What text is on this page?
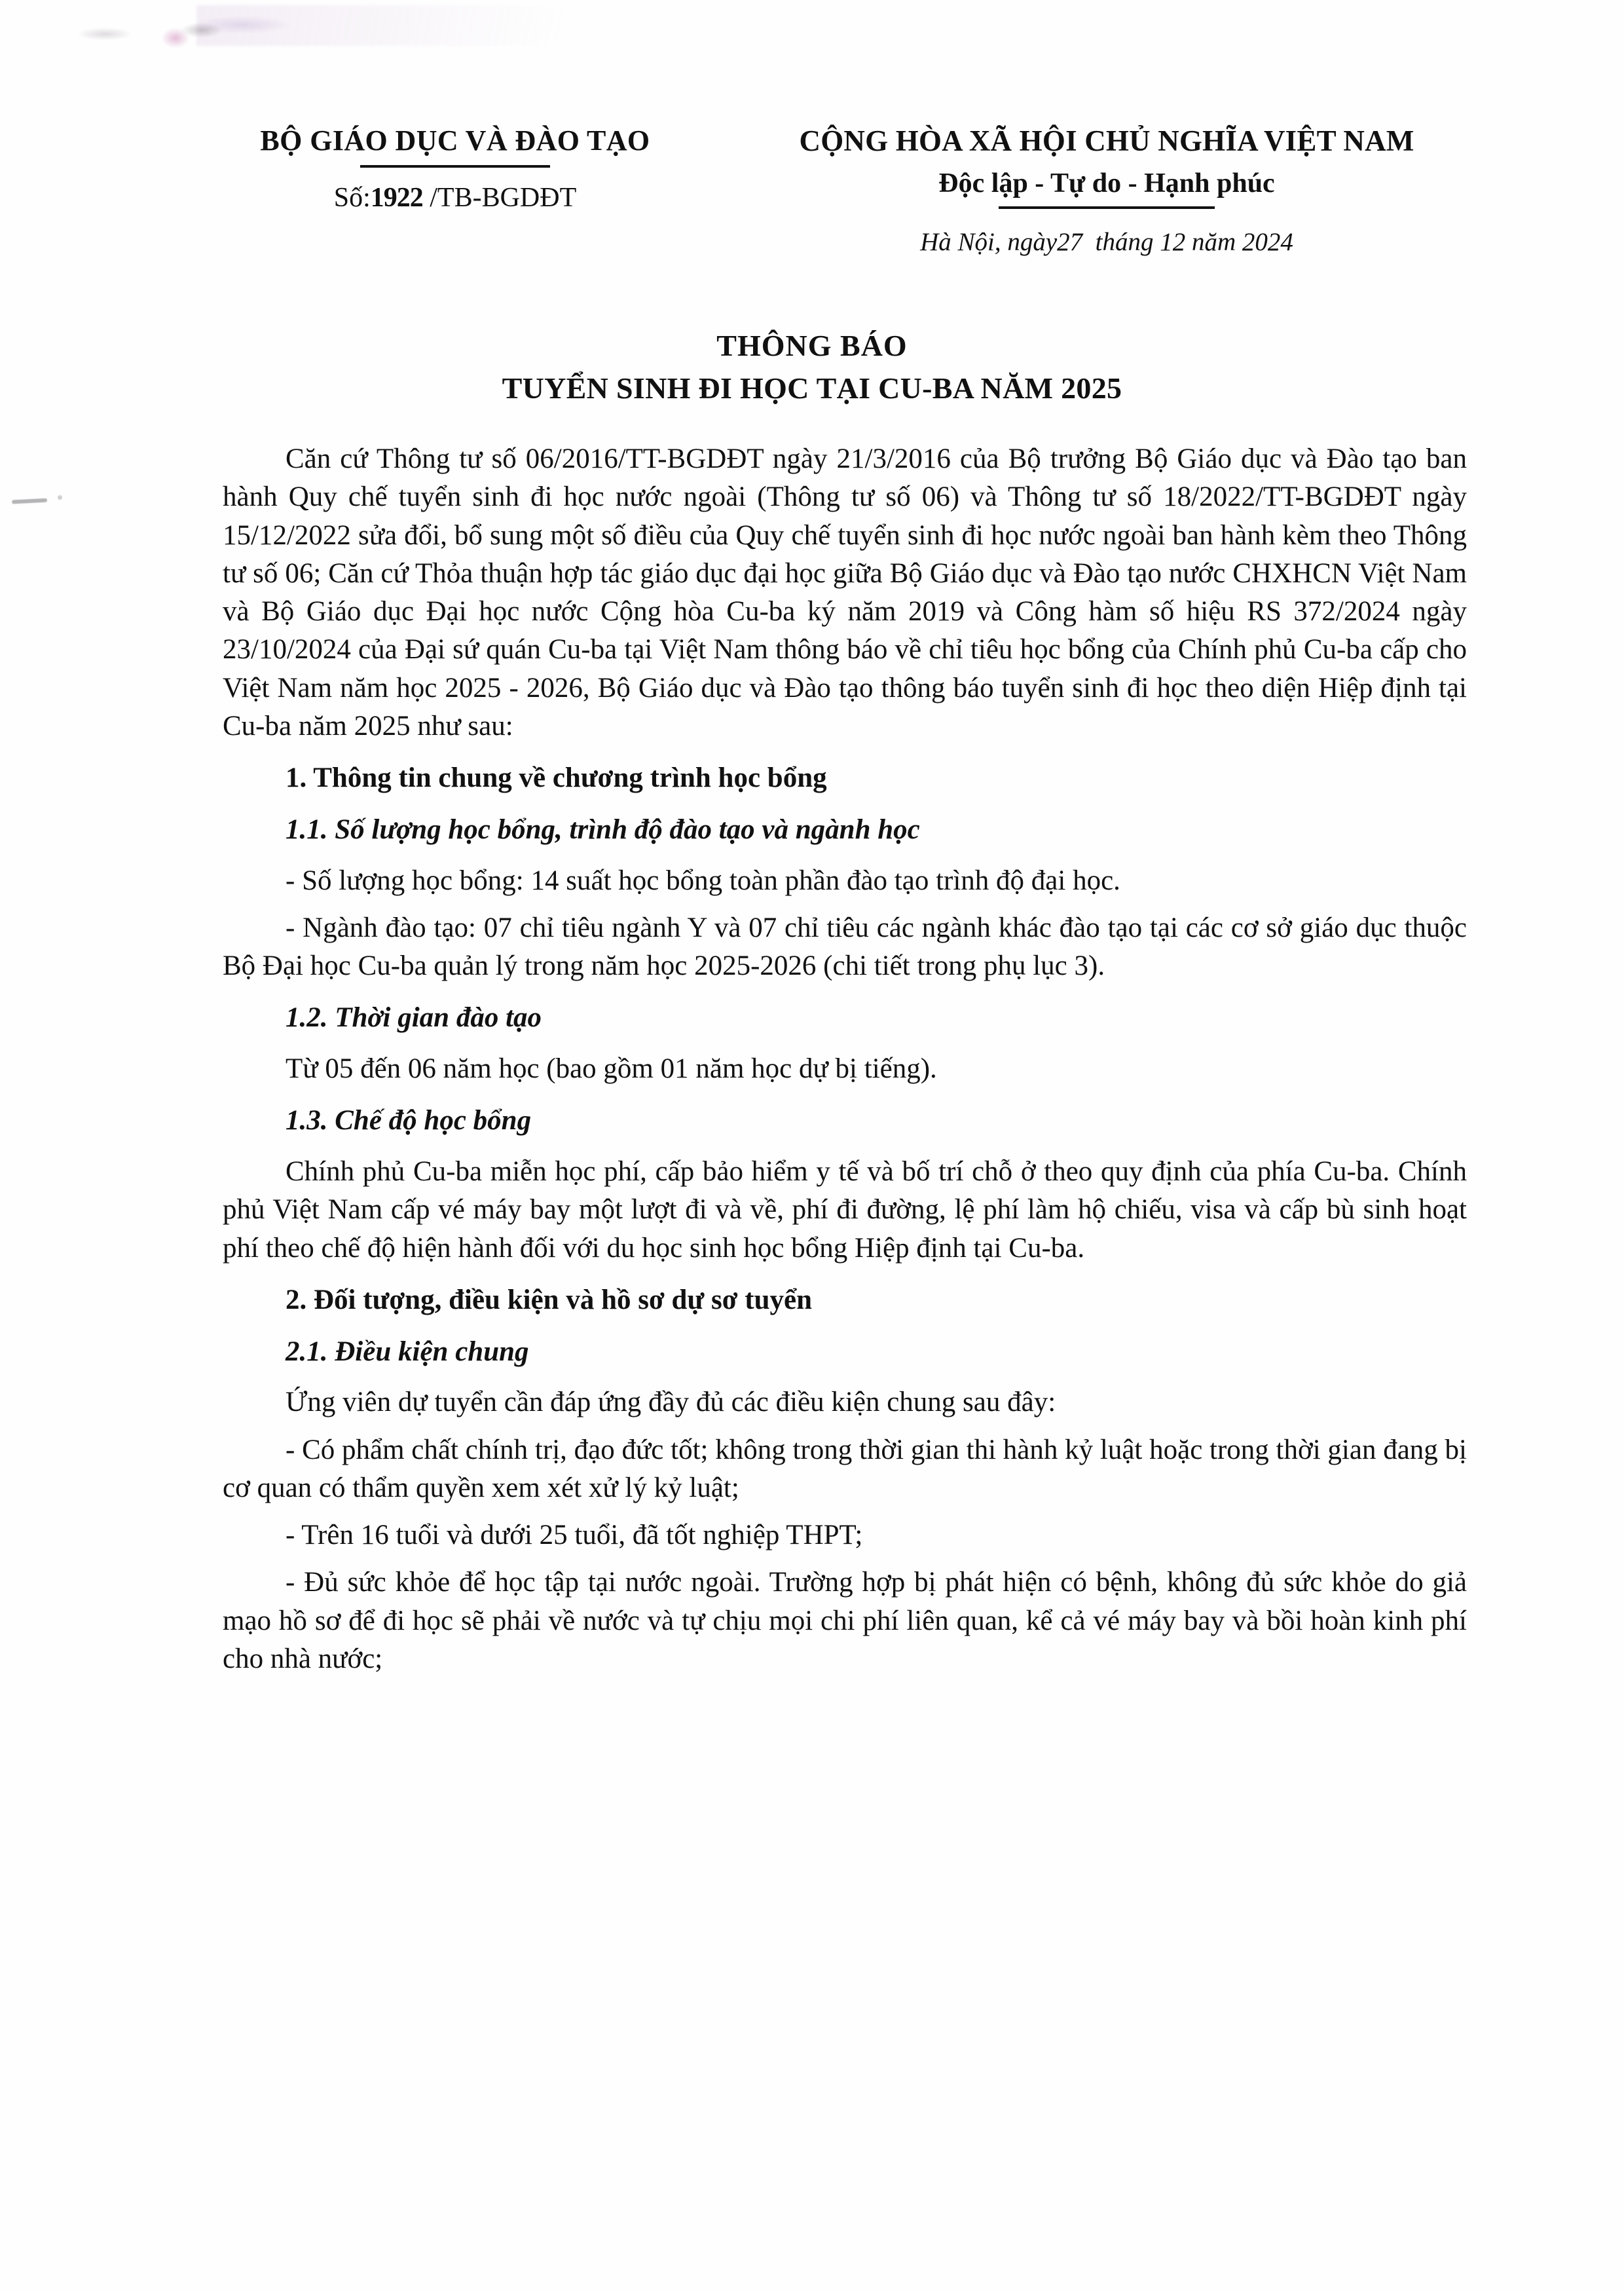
BỘ GIÁO DỤC VÀ ĐÀO TẠO
Số:1922 /TB-BGDĐT
CỘNG HÒA XÃ HỘI CHỦ NGHĨA VIỆT NAM
Độc lập - Tự do - Hạnh phúc
Hà Nội, ngày27 tháng 12 năm 2024
THÔNG BÁO
TUYỂN SINH ĐI HỌC TẠI CU-BA NĂM 2025

Căn cứ Thông tư số 06/2016/TT-BGDĐT ngày 21/3/2016 của Bộ trưởng Bộ Giáo dục và Đào tạo ban hành Quy chế tuyển sinh đi học nước ngoài (Thông tư số 06) và Thông tư số 18/2022/TT-BGDĐT ngày 15/12/2022 sửa đổi, bổ sung một số điều của Quy chế tuyển sinh đi học nước ngoài ban hành kèm theo Thông tư số 06; Căn cứ Thỏa thuận hợp tác giáo dục đại học giữa Bộ Giáo dục và Đào tạo nước CHXHCN Việt Nam và Bộ Giáo dục Đại học nước Cộng hòa Cu-ba ký năm 2019 và Công hàm số hiệu RS 372/2024 ngày 23/10/2024 của Đại sứ quán Cu-ba tại Việt Nam thông báo về chỉ tiêu học bổng của Chính phủ Cu-ba cấp cho Việt Nam năm học 2025 - 2026, Bộ Giáo dục và Đào tạo thông báo tuyển sinh đi học theo diện Hiệp định tại Cu-ba năm 2025 như sau:

1. Thông tin chung về chương trình học bổng
1.1. Số lượng học bổng, trình độ đào tạo và ngành học

- Số lượng học bổng: 14 suất học bổng toàn phần đào tạo trình độ đại học.

- Ngành đào tạo: 07 chỉ tiêu ngành Y và 07 chỉ tiêu các ngành khác đào tạo tại các cơ sở giáo dục thuộc Bộ Đại học Cu-ba quản lý trong năm học 2025-2026 (chi tiết trong phụ lục 3).

1.2. Thời gian đào tạo

Từ 05 đến 06 năm học (bao gồm 01 năm học dự bị tiếng).

1.3. Chế độ học bổng

Chính phủ Cu-ba miễn học phí, cấp bảo hiểm y tế và bố trí chỗ ở theo quy định của phía Cu-ba. Chính phủ Việt Nam cấp vé máy bay một lượt đi và về, phí đi đường, lệ phí làm hộ chiếu, visa và cấp bù sinh hoạt phí theo chế độ hiện hành đối với du học sinh học bổng Hiệp định tại Cu-ba.

2. Đối tượng, điều kiện và hồ sơ dự sơ tuyển
2.1. Điều kiện chung

Ứng viên dự tuyển cần đáp ứng đầy đủ các điều kiện chung sau đây:

- Có phẩm chất chính trị, đạo đức tốt; không trong thời gian thi hành kỷ luật hoặc trong thời gian đang bị cơ quan có thẩm quyền xem xét xử lý kỷ luật;

- Trên 16 tuổi và dưới 25 tuổi, đã tốt nghiệp THPT;

- Đủ sức khỏe để học tập tại nước ngoài. Trường hợp bị phát hiện có bệnh, không đủ sức khỏe do giả mạo hồ sơ để đi học sẽ phải về nước và tự chịu mọi chi phí liên quan, kể cả vé máy bay và bồi hoàn kinh phí cho nhà nước;
